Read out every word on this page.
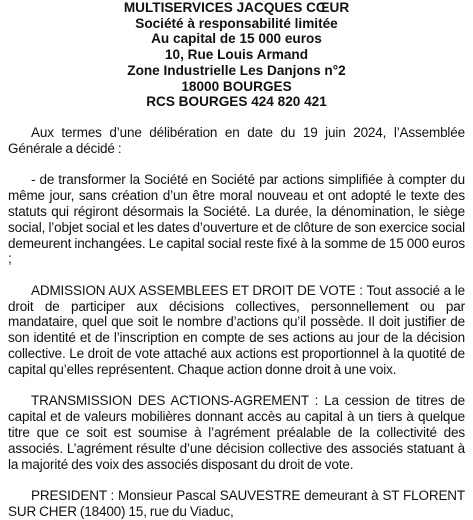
MULTISERVICES JACQUES CŒUR
Société à responsabilité limitée
Au capital de 15 000 euros
10, Rue Louis Armand
Zone Industrielle Les Danjons n°2
18000 BOURGES
RCS BOURGES 424 820 421

Aux termes d’une délibération en date du 19 juin 2024, l’Assemblée Générale a décidé :

- de transformer la Société en Société par actions simplifiée à compter du même jour, sans création d’un être moral nouveau et ont adopté le texte des statuts qui régiront désormais la Société. La durée, la dénomination, le siège social, l’objet social et les dates d’ouverture et de clôture de son exercice social demeurent inchangées. Le capital social reste fixé à la somme de 15 000 euros ;

ADMISSION AUX ASSEMBLEES ET DROIT DE VOTE : Tout associé a le droit de participer aux décisions collectives, personnellement ou par mandataire, quel que soit le nombre d’actions qu’il possède. Il doit justifier de son identité et de l’inscription en compte de ses actions au jour de la décision collective. Le droit de vote attaché aux actions est proportionnel à la quotité de capital qu’elles représentent. Chaque action donne droit à une voix.

TRANSMISSION DES ACTIONS-AGREMENT : La cession de titres de capital et de valeurs mobilières donnant accès au capital à un tiers à quelque titre que ce soit est soumise à l’agrément préalable de la collectivité des associés. L’agrément résulte d’une décision collective des associés statuant à la majorité des voix des associés disposant du droit de vote.

PRESIDENT : Monsieur Pascal SAUVESTRE demeurant à ST FLORENT SUR CHER (18400) 15, rue du Viaduc,
